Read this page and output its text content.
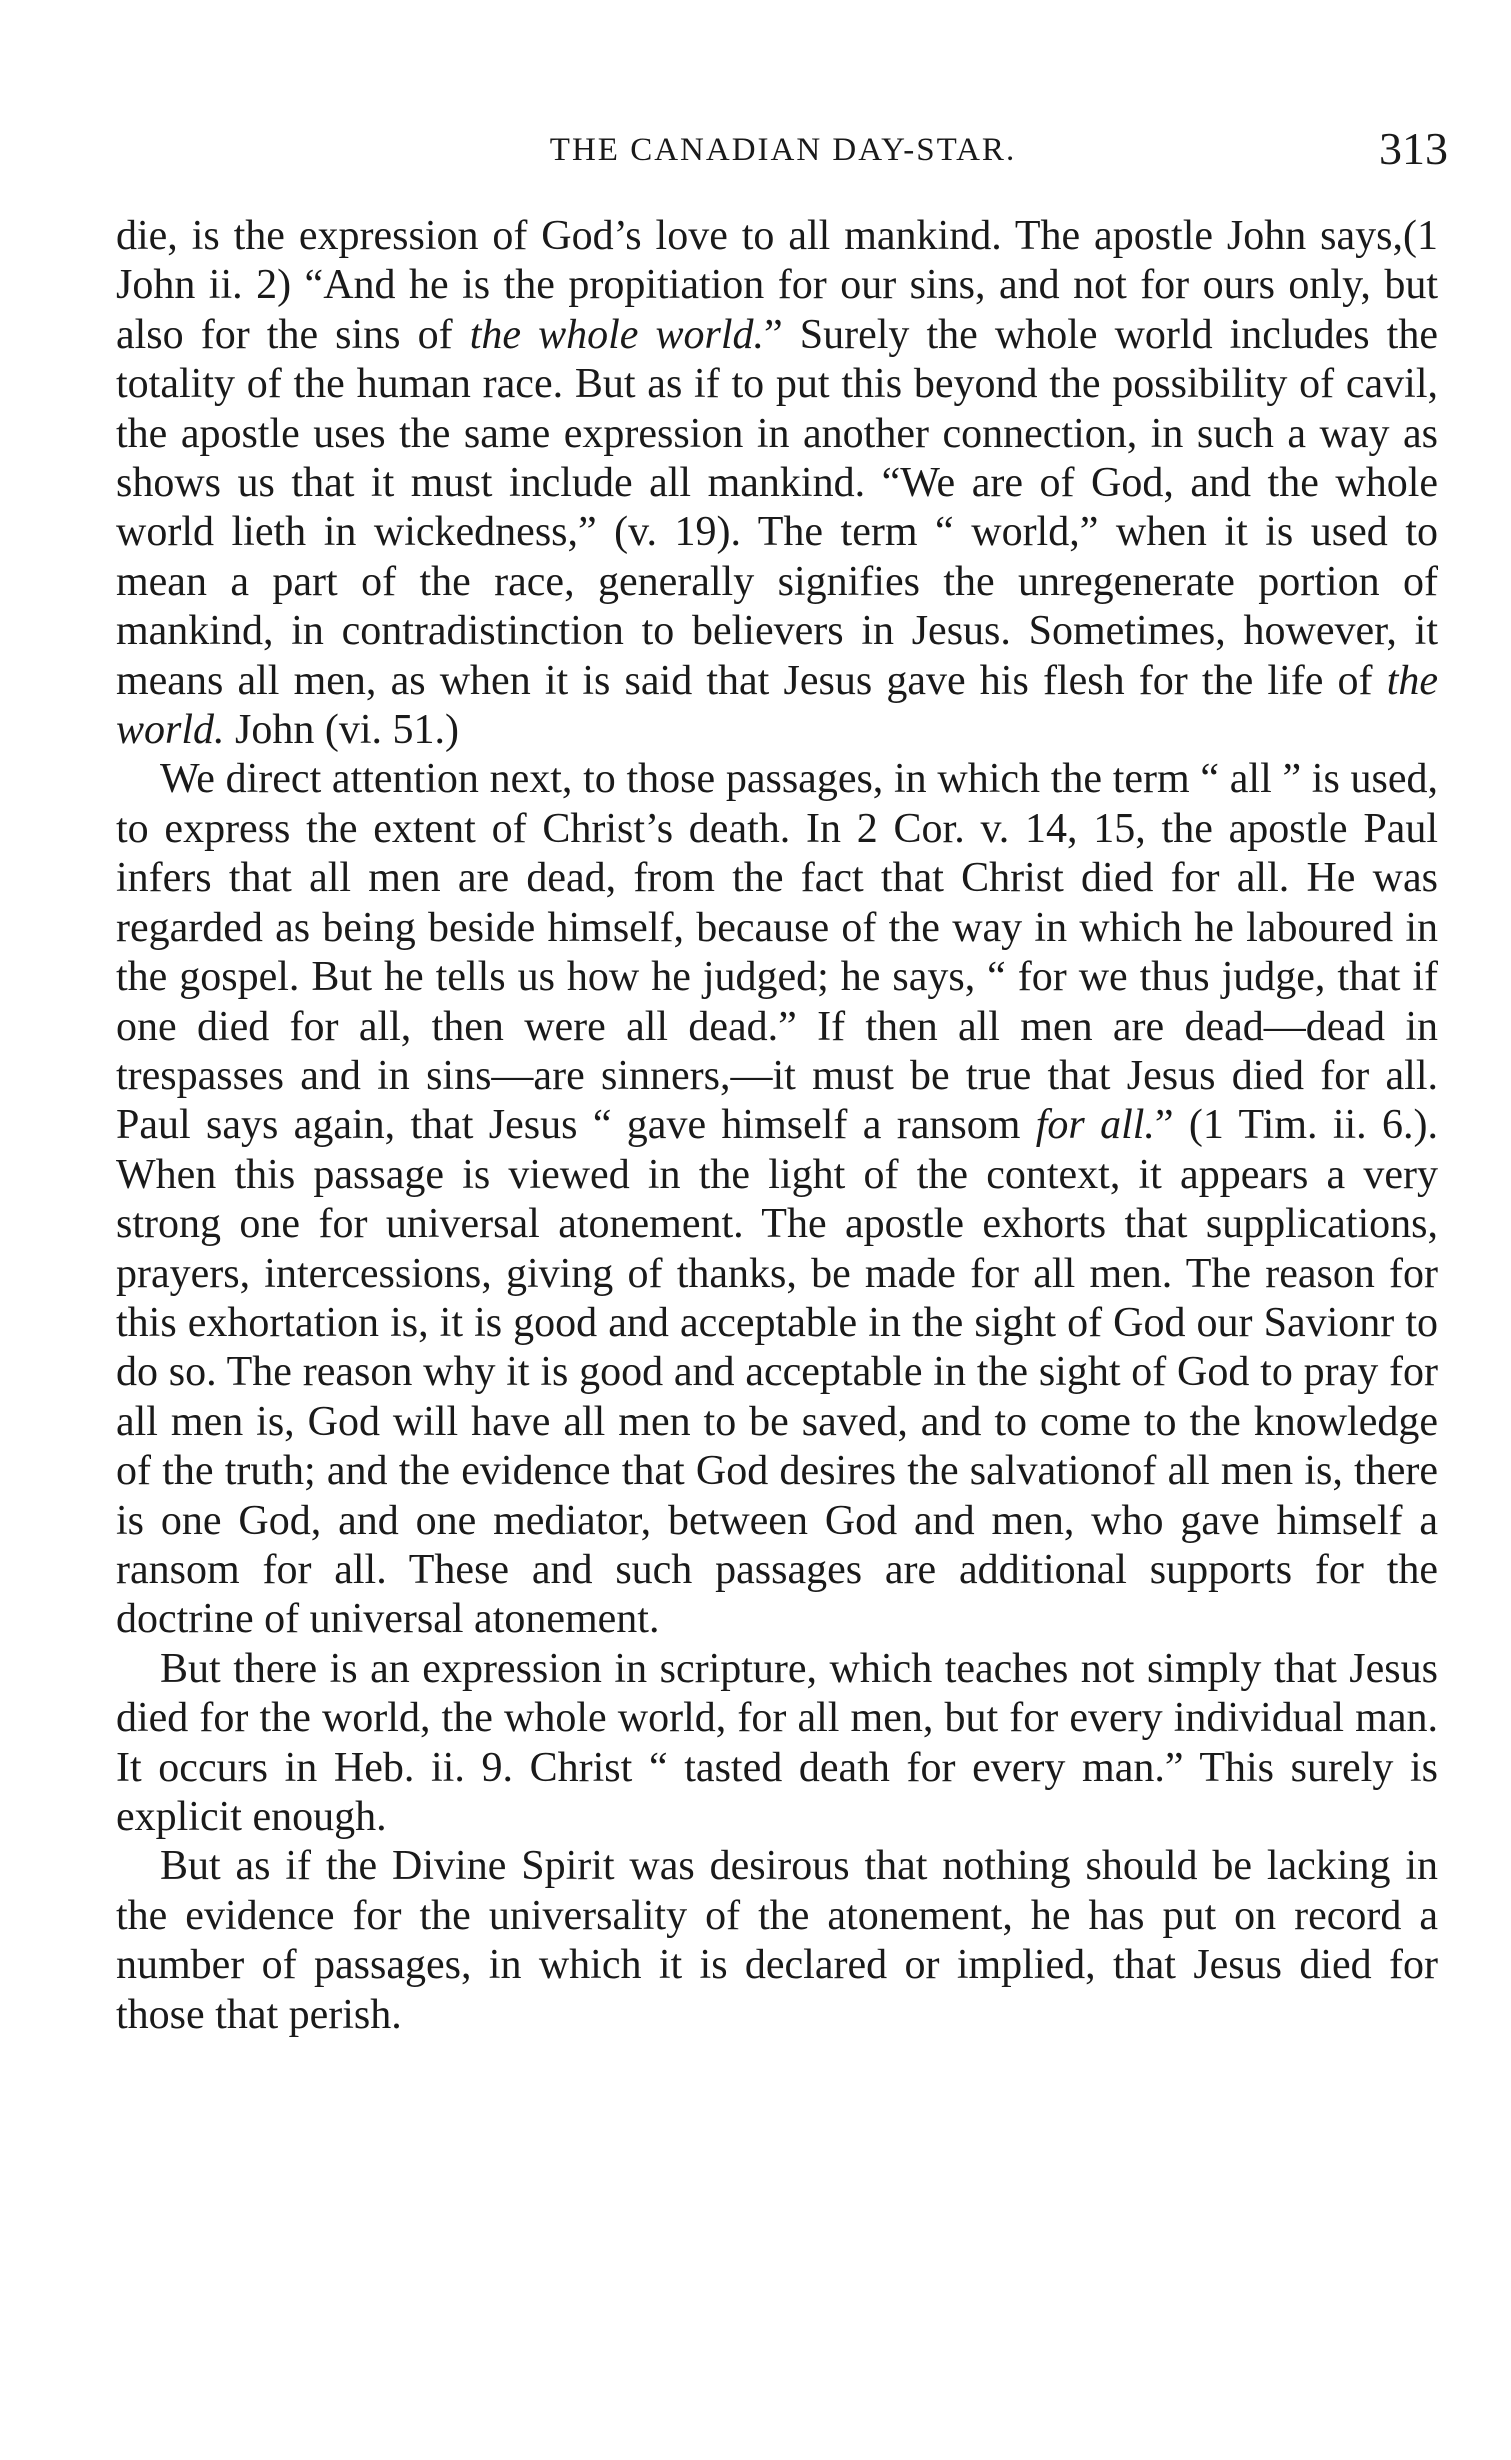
THE CANADIAN DAY-STAR.	313

die, is the expression of God’s love to all mankind. The apostle John says,(1 John ii. 2) “And he is the propitiation for our sins, and not for ours only, but also for the sins of the whole world.” Surely the whole world includes the totality of the human race. But as if to put this beyond the possibility of cavil, the apostle uses the same expression in another connection, in such a way as shows us that it must include all mankind. “We are of God, and the whole world lieth in wickedness,” (v. 19). The term “ world,” when it is used to mean a part of the race, generally signifies the unregenerate portion of mankind, in contradistinction to believers in Jesus. Sometimes, however, it means all men, as when it is said that Jesus gave his flesh for the life of the world. John (vi. 51.)

We direct attention next, to those passages, in which the term “ all ” is used, to express the extent of Christ’s death. In 2 Cor. v. 14, 15, the apostle Paul infers that all men are dead, from the fact that Christ died for all. He was regarded as being beside himself, because of the way in which he laboured in the gospel. But he tells us how he judged; he says, “ for we thus judge, that if one died for all, then were all dead.” If then all men are dead—dead in trespasses and in sins—are sinners,—it must be true that Jesus died for all. Paul says again, that Jesus “ gave himself a ransom for all.” (1 Tim. ii. 6.). When this passage is viewed in the light of the context, it appears a very strong one for universal atonement. The apostle exhorts that supplications, prayers, intercessions, giving of thanks, be made for all men. The reason for this exhortation is, it is good and acceptable in the sight of God our Savionr to do so. The reason why it is good and acceptable in the sight of God to pray for all men is, God will have all men to be saved, and to come to the knowledge of the truth; and the evidence that God desires the salvationof all men is, there is one God, and one mediator, between God and men, who gave himself a ransom for all. These and such passages are additional supports for the doctrine of universal atonement.

But there is an expression in scripture, which teaches not simply that Jesus died for the world, the whole world, for all men, but for every individual man. It occurs in Heb. ii. 9. Christ “ tasted death for every man.” This surely is explicit enough.

But as if the Divine Spirit was desirous that nothing should be lacking in the evidence for the universality of the atonement, he has put on record a number of passages, in which it is declared or implied, that Jesus died for those that perish.
